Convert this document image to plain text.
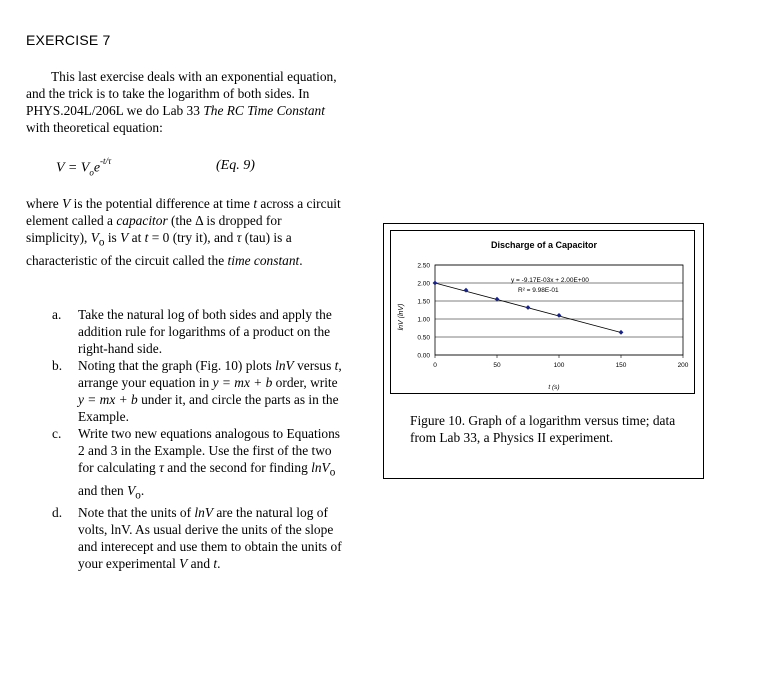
EXERCISE 7

This last exercise deals with an exponential equation, and the trick is to take the logarithm of both sides. In PHYS.204L/206L we do Lab 33 The RC Time Constant with theoretical equation:

$V = V_oe^{-t/\tau}$	(Eq. 9)

where V is the potential difference at time t across a circuit element called a capacitor (the Δ is dropped for simplicity), $V_o$ is V at t = 0 (try it), and τ (tau) is a characteristic of the circuit called the time constant.

a. Take the natural log of both sides and apply the addition rule for logarithms of a product on the right-hand side.
b. Noting that the graph (Fig. 10) plots lnV versus t, arrange your equation in y = mx + b order, write y = mx + b under it, and circle the parts as in the Example.
c. Write two new equations analogous to Equations 2 and 3 in the Example. Use the first of the two for calculating τ and the second for finding lnV$_o$ and then $V_o$.
d. Note that the units of lnV are the natural log of volts, lnV. As usual derive the units of the slope and interecept and use them to obtain the units of your experimental V and t.
Discharge of a Capacitor
0.00
0.50
1.00
1.50
2.00
2.50
0	50	100	150	200
y = -9.17E-03x + 2.00E+00
R² = 9.98E-01
lnV (lnV)
t (s)

Figure 10. Graph of a logarithm versus time; data from Lab 33, a Physics II experiment.
